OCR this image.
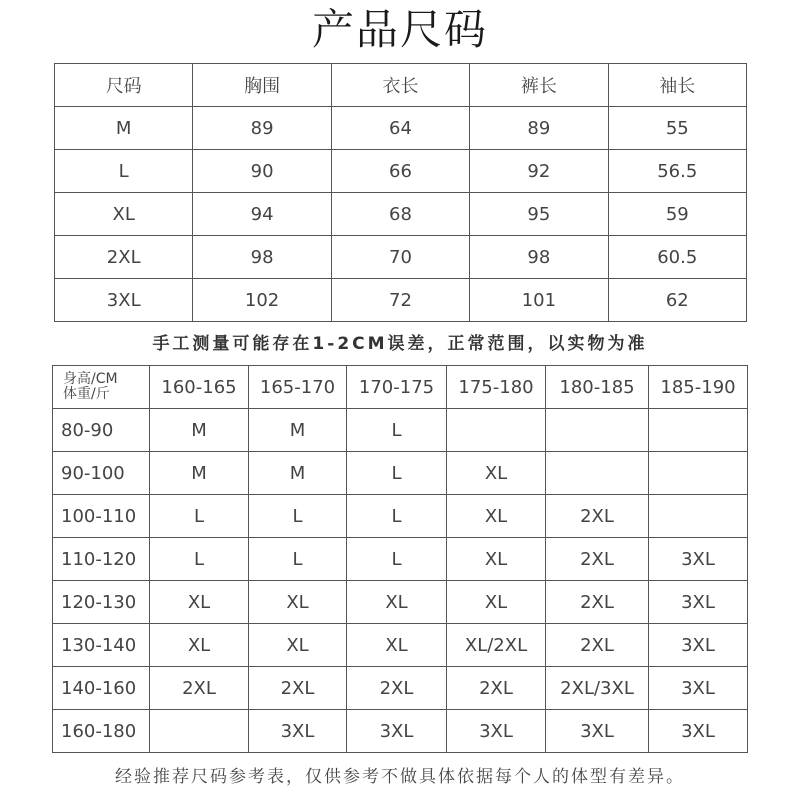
产品尺码
尺码	胸围	衣长	裤长	袖长
M	89	64	89	55
L	90	66	92	56.5
XL	94	68	95	59
2XL	98	70	98	60.5
3XL	102	72	101	62
手工测量可能存在1-2CM误差，正常范围，以实物为准
身高/CM
体重/斤	160-165	165-170	170-175	175-180	180-185	185-190
80-90	M	M	L			
90-100	M	M	L	XL		
100-110	L	L	L	XL	2XL	
110-120	L	L	L	XL	2XL	3XL
120-130	XL	XL	XL	XL	2XL	3XL
130-140	XL	XL	XL	XL/2XL	2XL	3XL
140-160	2XL	2XL	2XL	2XL	2XL/3XL	3XL
160-180		3XL	3XL	3XL	3XL	3XL
经验推荐尺码参考表，仅供参考不做具体依据每个人的体型有差异。
